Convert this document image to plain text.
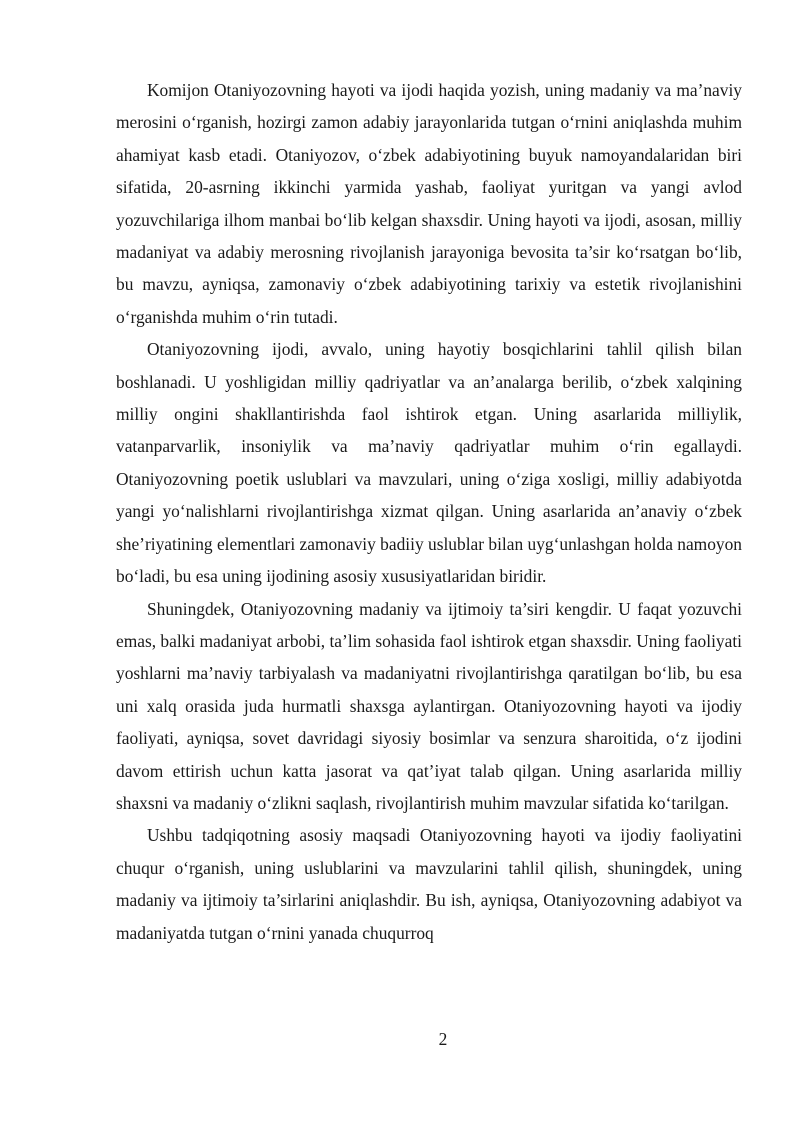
Komijon Otaniyozovning hayoti va ijodi haqida yozish, uning madaniy va ma’naviy merosini o‘rganish, hozirgi zamon adabiy jarayonlarida tutgan o‘rnini aniqlashda muhim ahamiyat kasb etadi. Otaniyozov, o‘zbek adabiyotining buyuk namoyandalaridan biri sifatida, 20-asrning ikkinchi yarmida yashab, faoliyat yuritgan va yangi avlod yozuvchilariga ilhom manbai bo‘lib kelgan shaxsdir. Uning hayoti va ijodi, asosan, milliy madaniyat va adabiy merosning rivojlanish jarayoniga bevosita ta’sir ko‘rsatgan bo‘lib, bu mavzu, ayniqsa, zamonaviy o‘zbek adabiyotining tarixiy va estetik rivojlanishini o‘rganishda muhim o‘rin tutadi.

Otaniyozovning ijodi, avvalo, uning hayotiy bosqichlarini tahlil qilish bilan boshlanadi. U yoshligidan milliy qadriyatlar va an’analarga berilib, o‘zbek xalqining milliy ongini shakllantirishda faol ishtirok etgan. Uning asarlarida milliylik, vatanparvarlik, insoniylik va ma’naviy qadriyatlar muhim o‘rin egallaydi. Otaniyozovning poetik uslublari va mavzulari, uning o‘ziga xosligi, milliy adabiyotda yangi yo‘nalishlarni rivojlantirishga xizmat qilgan. Uning asarlarida an’anaviy o‘zbek she’riyatining elementlari zamonaviy badiiy uslublar bilan uyg‘unlashgan holda namoyon bo‘ladi, bu esa uning ijodining asosiy xususiyatlaridan biridir.

Shuningdek, Otaniyozovning madaniy va ijtimoiy ta’siri kengdir. U faqat yozuvchi emas, balki madaniyat arbobi, ta’lim sohasida faol ishtirok etgan shaxsdir. Uning faoliyati yoshlarni ma’naviy tarbiyalash va madaniyatni rivojlantirishga qaratilgan bo‘lib, bu esa uni xalq orasida juda hurmatli shaxsga aylantirgan. Otaniyozovning hayoti va ijodiy faoliyati, ayniqsa, sovet davridagi siyosiy bosimlar va senzura sharoitida, o‘z ijodini davom ettirish uchun katta jasorat va qat’iyat talab qilgan. Uning asarlarida milliy shaxsni va madaniy o‘zlikni saqlash, rivojlantirish muhim mavzular sifatida ko‘tarilgan.

Ushbu tadqiqotning asosiy maqsadi Otaniyozovning hayoti va ijodiy faoliyatini chuqur o‘rganish, uning uslublarini va mavzularini tahlil qilish, shuningdek, uning madaniy va ijtimoiy ta’sirlarini aniqlashdir. Bu ish, ayniqsa, Otaniyozovning adabiyot va madaniyatda tutgan o‘rnini yanada chuqurroq

2
